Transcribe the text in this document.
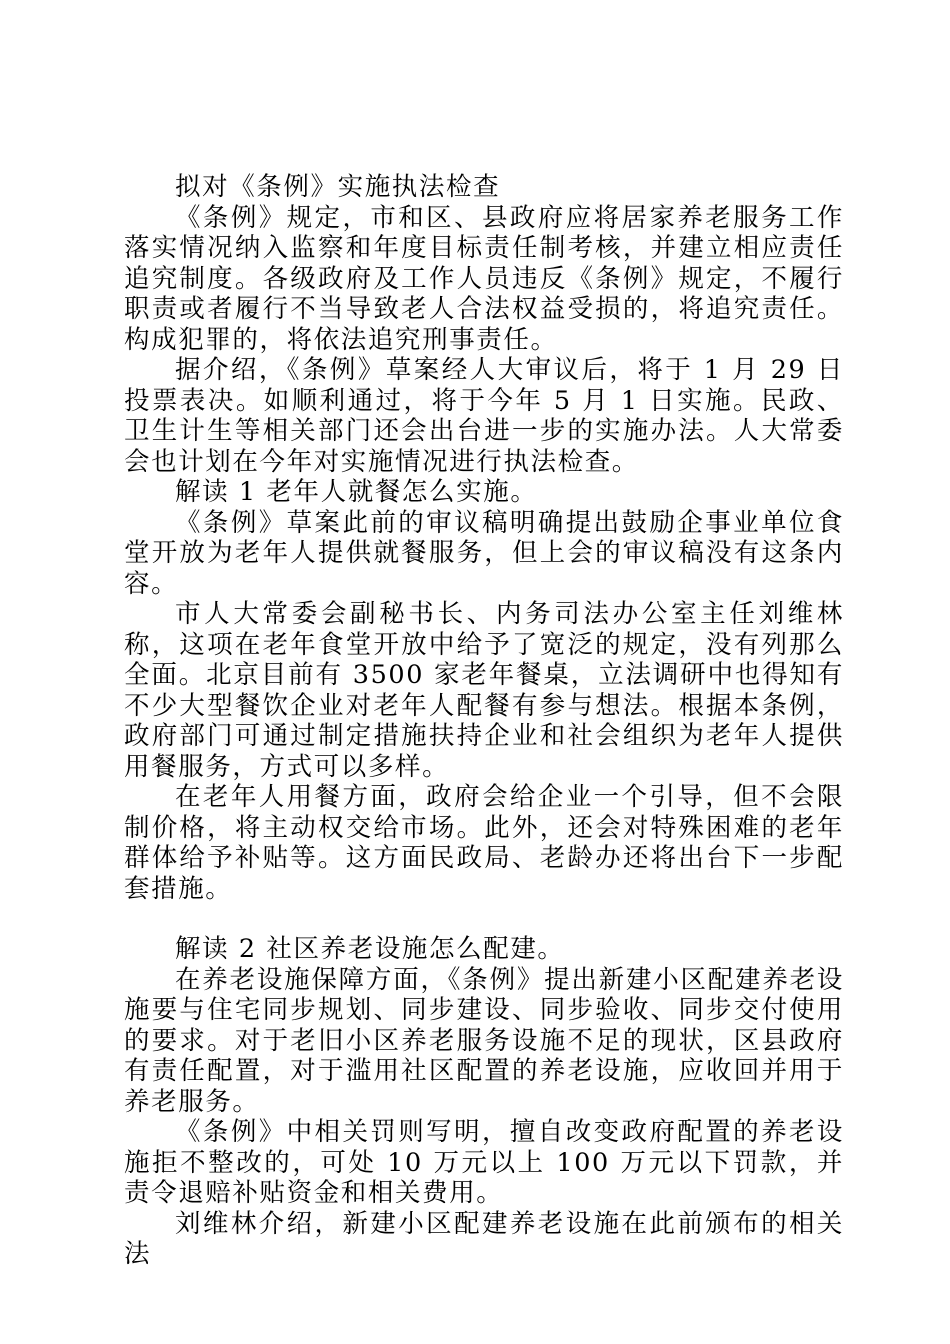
拟对《条例》实施执法检查

《条例》规定，市和区、县政府应将居家养老服务工作落实情况纳入监察和年度目标责任制考核，并建立相应责任追究制度。各级政府及工作人员违反《条例》规定，不履行职责或者履行不当导致老人合法权益受损的，将追究责任。构成犯罪的，将依法追究刑事责任。

据介绍，《条例》草案经人大审议后，将于 1 月 29 日投票表决。如顺利通过，将于今年 5 月 1 日实施。民政、卫生计生等相关部门还会出台进一步的实施办法。人大常委会也计划在今年对实施情况进行执法检查。

解读 1 老年人就餐怎么实施。

《条例》草案此前的审议稿明确提出鼓励企事业单位食堂开放为老年人提供就餐服务，但上会的审议稿没有这条内容。

市人大常委会副秘书长、内务司法办公室主任刘维林称，这项在老年食堂开放中给予了宽泛的规定，没有列那么全面。北京目前有 3500 家老年餐桌，立法调研中也得知有不少大型餐饮企业对老年人配餐有参与想法。根据本条例，政府部门可通过制定措施扶持企业和社会组织为老年人提供用餐服务，方式可以多样。

在老年人用餐方面，政府会给企业一个引导，但不会限制价格，将主动权交给市场。此外，还会对特殊困难的老年群体给予补贴等。这方面民政局、老龄办还将出台下一步配套措施。

解读 2 社区养老设施怎么配建。

在养老设施保障方面，《条例》提出新建小区配建养老设施要与住宅同步规划、同步建设、同步验收、同步交付使用的要求。对于老旧小区养老服务设施不足的现状，区县政府有责任配置，对于滥用社区配置的养老设施，应收回并用于养老服务。

《条例》中相关罚则写明，擅自改变政府配置的养老设施拒不整改的，可处 10 万元以上 100 万元以下罚款，并责令退赔补贴资金和相关费用。

刘维林介绍，新建小区配建养老设施在此前颁布的相关法
